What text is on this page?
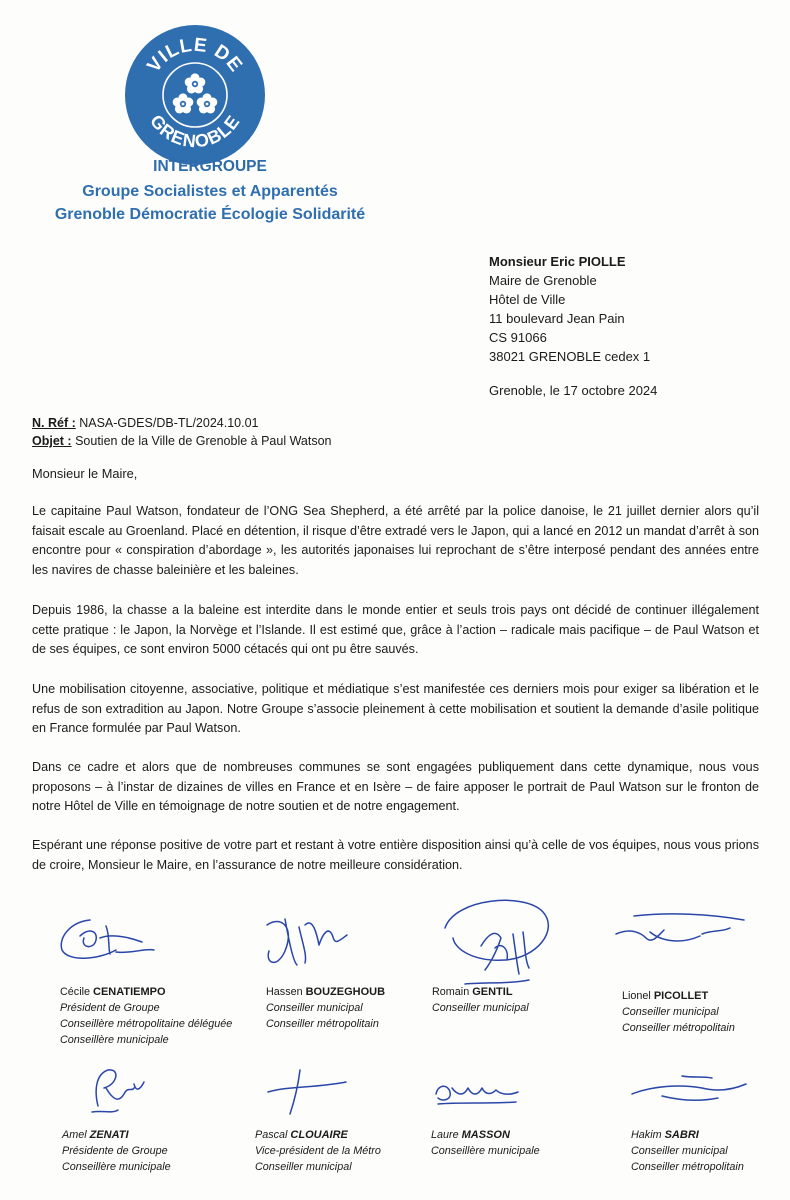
VILLE DE
GRENOBLE
INTERGROUPE
Groupe Socialistes et Apparentés
Grenoble Démocratie Écologie Solidarité
Monsieur Eric PIOLLE
Maire de Grenoble
Hôtel de Ville
11 boulevard Jean Pain
CS 91066
38021 GRENOBLE cedex 1
Grenoble, le 17 octobre 2024
N. Réf : NASA-GDES/DB-TL/2024.10.01
Objet : Soutien de la Ville de Grenoble à Paul Watson
Monsieur le Maire,

Le capitaine Paul Watson, fondateur de l’ONG Sea Shepherd, a été arrêté par la police danoise, le 21 juillet dernier alors qu’il faisait escale au Groenland. Placé en détention, il risque d’être extradé vers le Japon, qui a lancé en 2012 un mandat d’arrêt à son encontre pour « conspiration d’abordage », les autorités japonaises lui reprochant de s’être interposé pendant des années entre les navires de chasse baleinière et les baleines.

Depuis 1986, la chasse a la baleine est interdite dans le monde entier et seuls trois pays ont décidé de continuer illégalement cette pratique : le Japon, la Norvège et l’Islande. Il est estimé que, grâce à l’action – radicale mais pacifique – de Paul Watson et de ses équipes, ce sont environ 5000 cétacés qui ont pu être sauvés.

Une mobilisation citoyenne, associative, politique et médiatique s’est manifestée ces derniers mois pour exiger sa libération et le refus de son extradition au Japon. Notre Groupe s’associe pleinement à cette mobilisation et soutient la demande d’asile politique en France formulée par Paul Watson.

Dans ce cadre et alors que de nombreuses communes se sont engagées publiquement dans cette dynamique, nous vous proposons – à l’instar de dizaines de villes en France et en Isère – de faire apposer le portrait de Paul Watson sur le fronton de notre Hôtel de Ville en témoignage de notre soutien et de notre engagement.

Espérant une réponse positive de votre part et restant à votre entière disposition ainsi qu’à celle de vos équipes, nous vous prions de croire, Monsieur le Maire, en l’assurance de notre meilleure considération.

Cécile CENATIEMPO
Président de Groupe
Conseillère métropolitaine déléguée
Conseillère municipale
Hassen BOUZEGHOUB
Conseiller municipal
Conseiller métropolitain
Romain GENTIL
Conseiller municipal
Lionel PICOLLET
Conseiller municipal
Conseiller métropolitain
Amel ZENATI
Présidente de Groupe
Conseillère municipale
Pascal CLOUAIRE
Vice-président de la Métro
Conseiller municipal
Laure MASSON
Conseillère municipale
Hakim SABRI
Conseiller municipal
Conseiller métropolitain
